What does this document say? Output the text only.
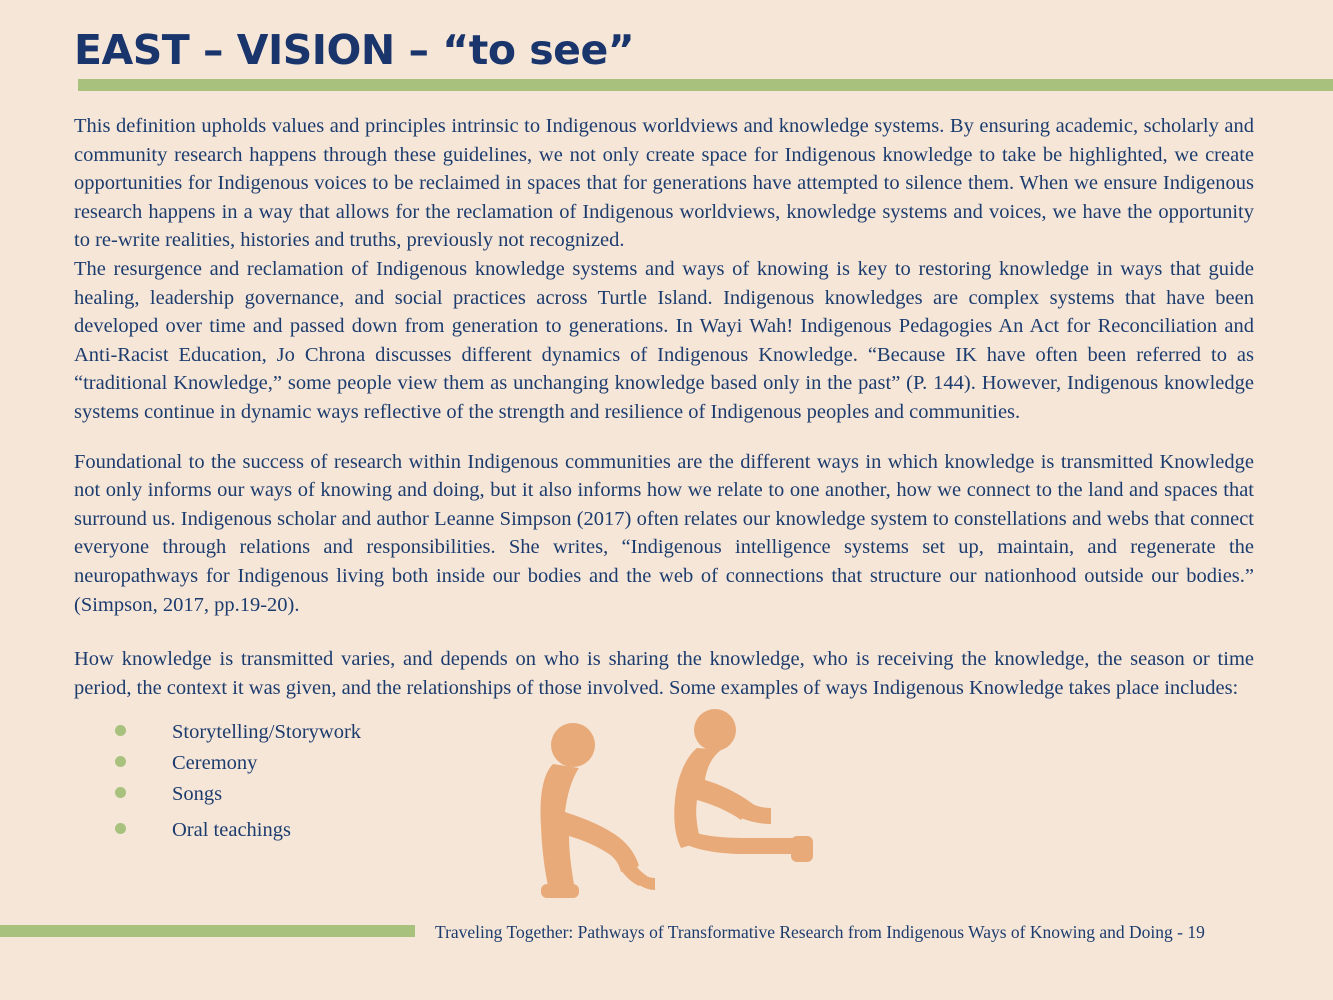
EAST – VISION – “to see”

This definition upholds values and principles intrinsic to Indigenous worldviews and knowledge systems. By ensuring academic, scholarly and community research happens through these guidelines, we not only create space for Indigenous knowledge to take be highlighted, we create opportunities for Indigenous voices to be reclaimed in spaces that for generations have attempted to silence them. When we ensure Indigenous research happens in a way that allows for the reclamation of Indigenous worldviews, knowledge systems and voices, we have the opportunity to re-write realities, histories and truths, previously not recognized.

The resurgence and reclamation of Indigenous knowledge systems and ways of knowing is key to restoring knowledge in ways that guide healing, leadership governance, and social practices across Turtle Island. Indigenous knowledges are complex systems that have been developed over time and passed down from generation to generations. In Wayi Wah! Indigenous Pedagogies An Act for Reconciliation and Anti-Racist Education, Jo Chrona discusses different dynamics of Indigenous Knowledge. “Because IK have often been referred to as “traditional Knowledge,” some people view them as unchanging knowledge based only in the past” (P. 144). However, Indigenous knowledge systems continue in dynamic ways reflective of the strength and resilience of Indigenous peoples and communities.

Foundational to the success of research within Indigenous communities are the different ways in which knowledge is transmitted Knowledge not only informs our ways of knowing and doing, but it also informs how we relate to one another, how we connect to the land and spaces that surround us. Indigenous scholar and author Leanne Simpson (2017) often relates our knowledge system to constellations and webs that connect everyone through relations and responsibilities. She writes, “Indigenous intelligence systems set up, maintain, and regenerate the neuropathways for Indigenous living both inside our bodies and the web of connections that structure our nationhood outside our bodies.” (Simpson, 2017, pp.19-20).

How knowledge is transmitted varies, and depends on who is sharing the knowledge, who is receiving the knowledge, the season or time period, the context it was given, and the relationships of those involved. Some examples of ways Indigenous Knowledge takes place includes:

Storytelling/Storywork
Ceremony
Songs
Oral teachings
Traveling Together: Pathways of Transformative Research from Indigenous Ways of Knowing and Doing - 19
